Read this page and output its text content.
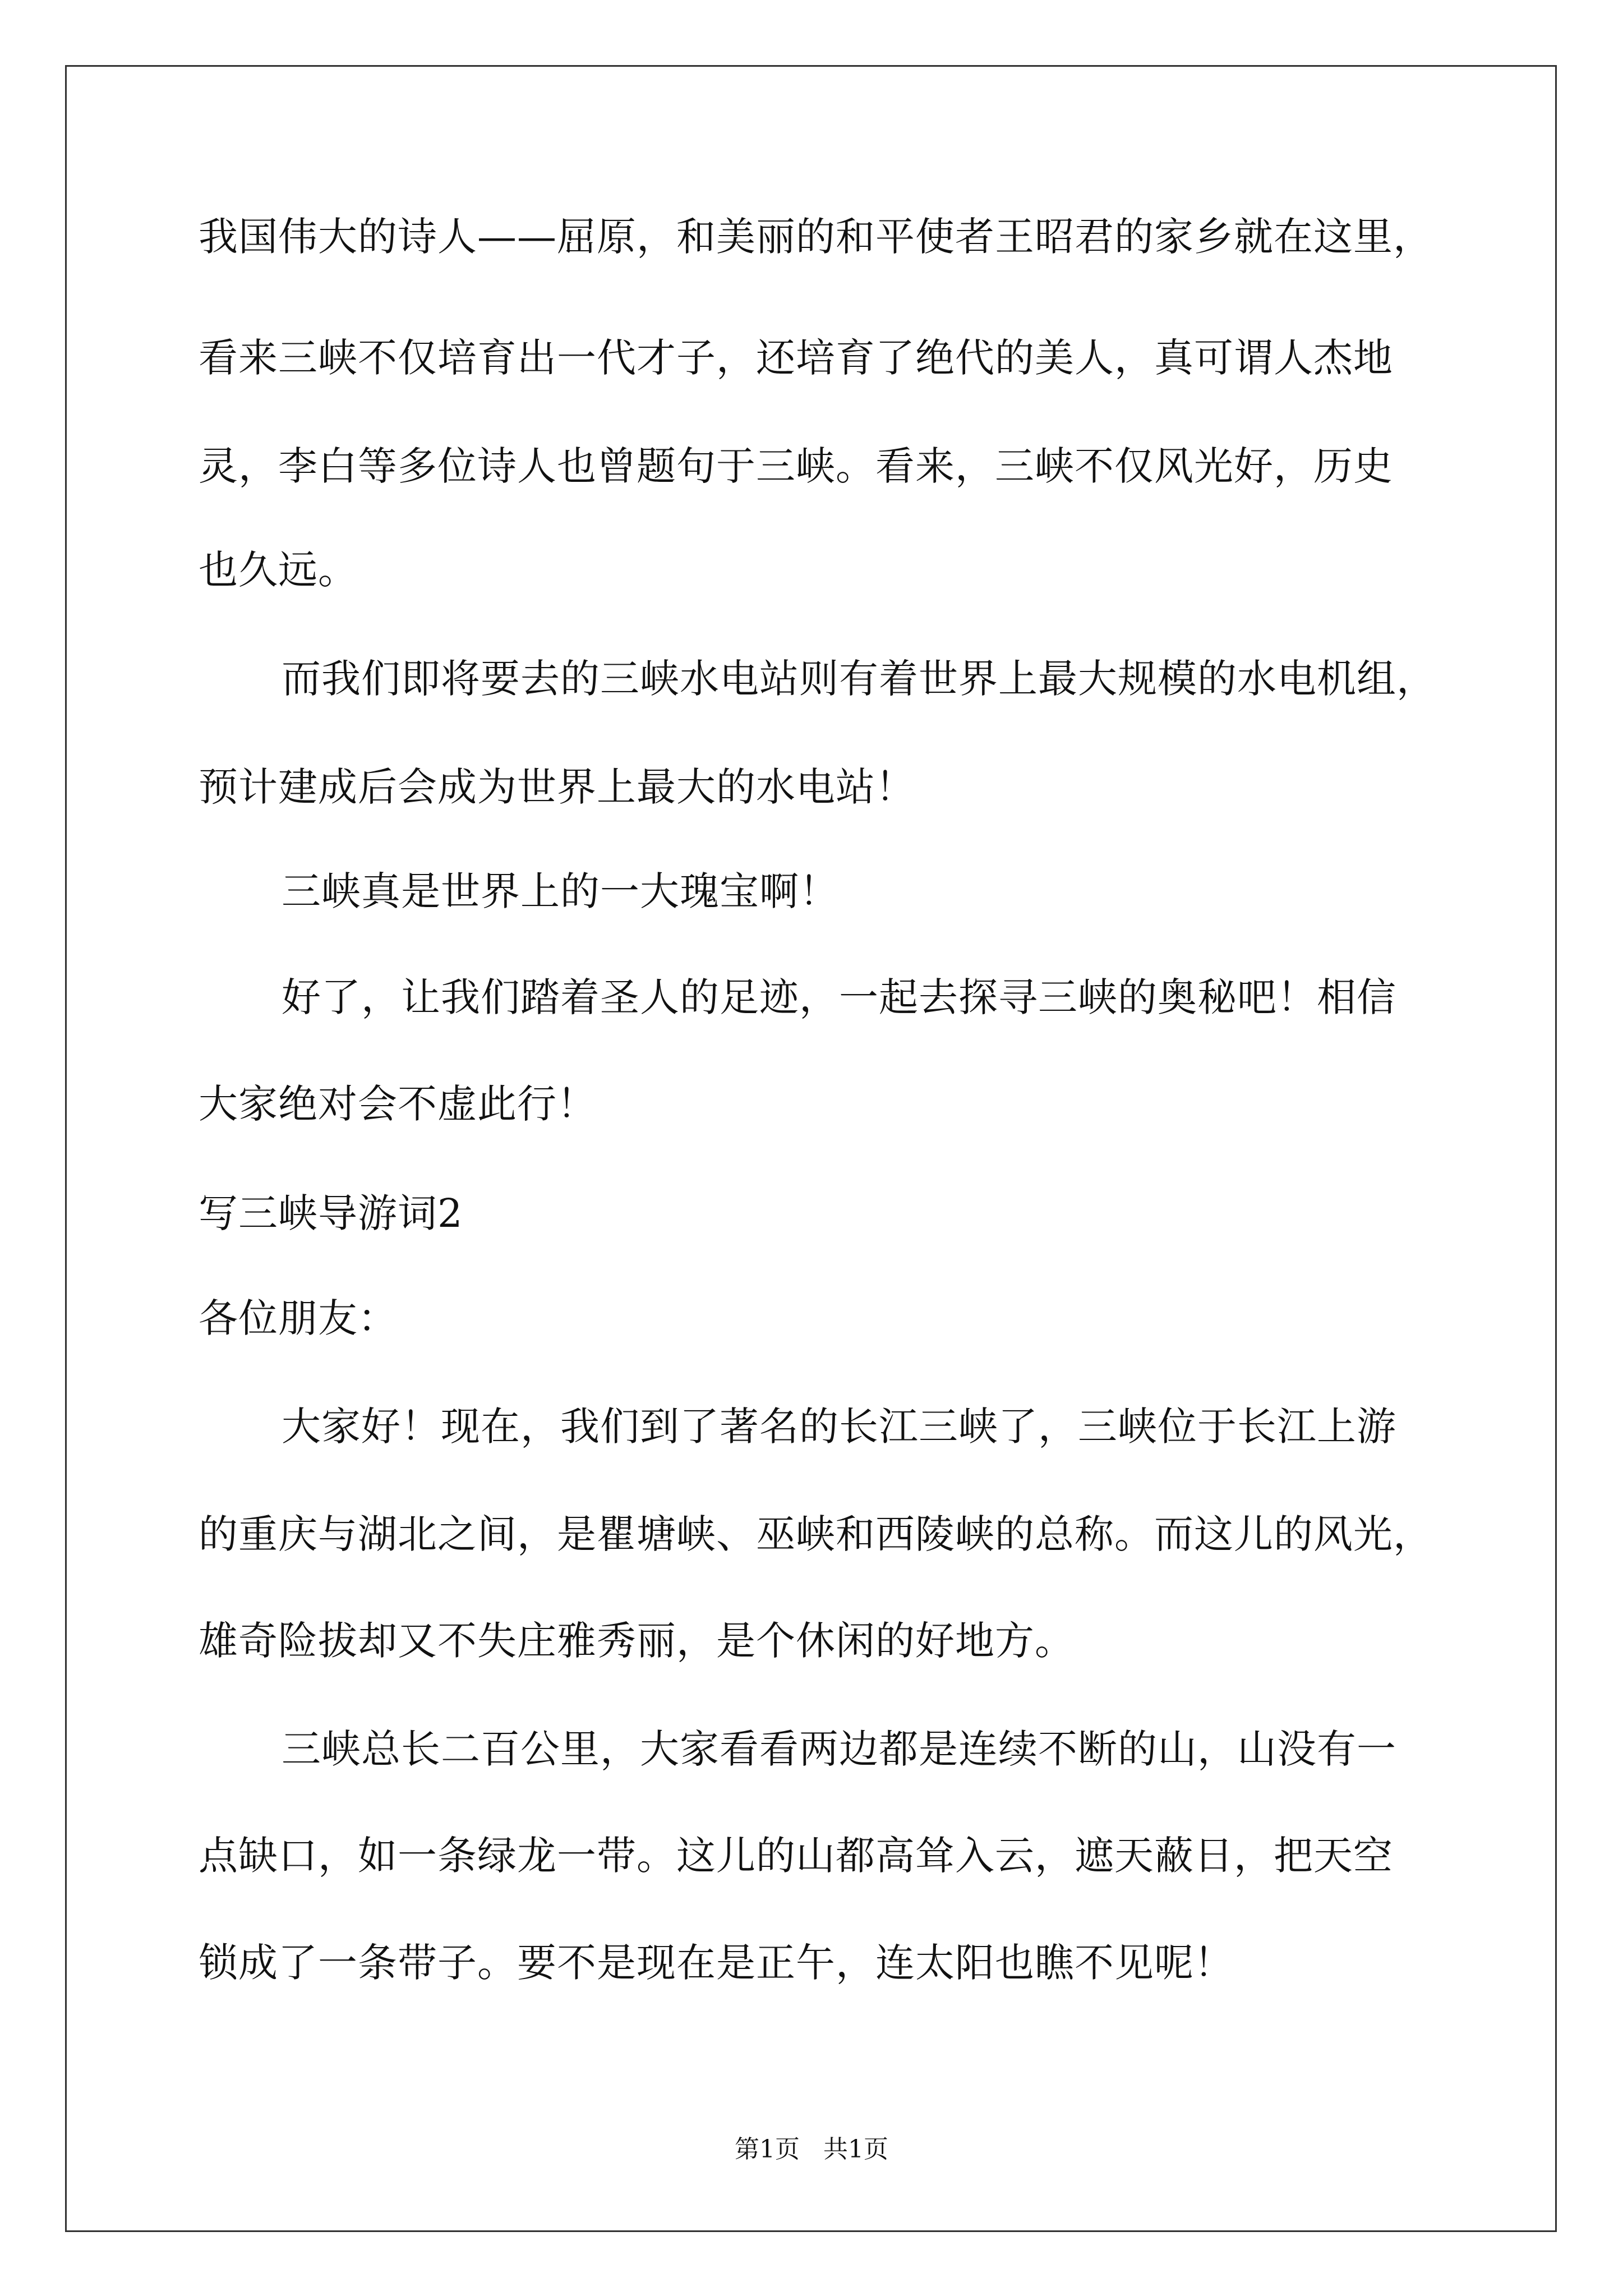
我国伟大的诗人——屈原，和美丽的和平使者王昭君的家乡就在这里，
看来三峡不仅培育出一代才子，还培育了绝代的美人，真可谓人杰地
灵，李白等多位诗人也曾题句于三峡。看来，三峡不仅风光好，历史
也久远。
而我们即将要去的三峡水电站则有着世界上最大规模的水电机组，
预计建成后会成为世界上最大的水电站！
三峡真是世界上的一大瑰宝啊！
好了，让我们踏着圣人的足迹，一起去探寻三峡的奥秘吧！相信
大家绝对会不虚此行！
写三峡导游词2
各位朋友：
大家好！现在，我们到了著名的长江三峡了，三峡位于长江上游
的重庆与湖北之间，是瞿塘峡、巫峡和西陵峡的总称。而这儿的风光，
雄奇险拔却又不失庄雅秀丽，是个休闲的好地方。
三峡总长二百公里，大家看看两边都是连续不断的山，山没有一
点缺口，如一条绿龙一带。这儿的山都高耸入云，遮天蔽日，把天空
锁成了一条带子。要不是现在是正午，连太阳也瞧不见呢！
第1页   共1页
